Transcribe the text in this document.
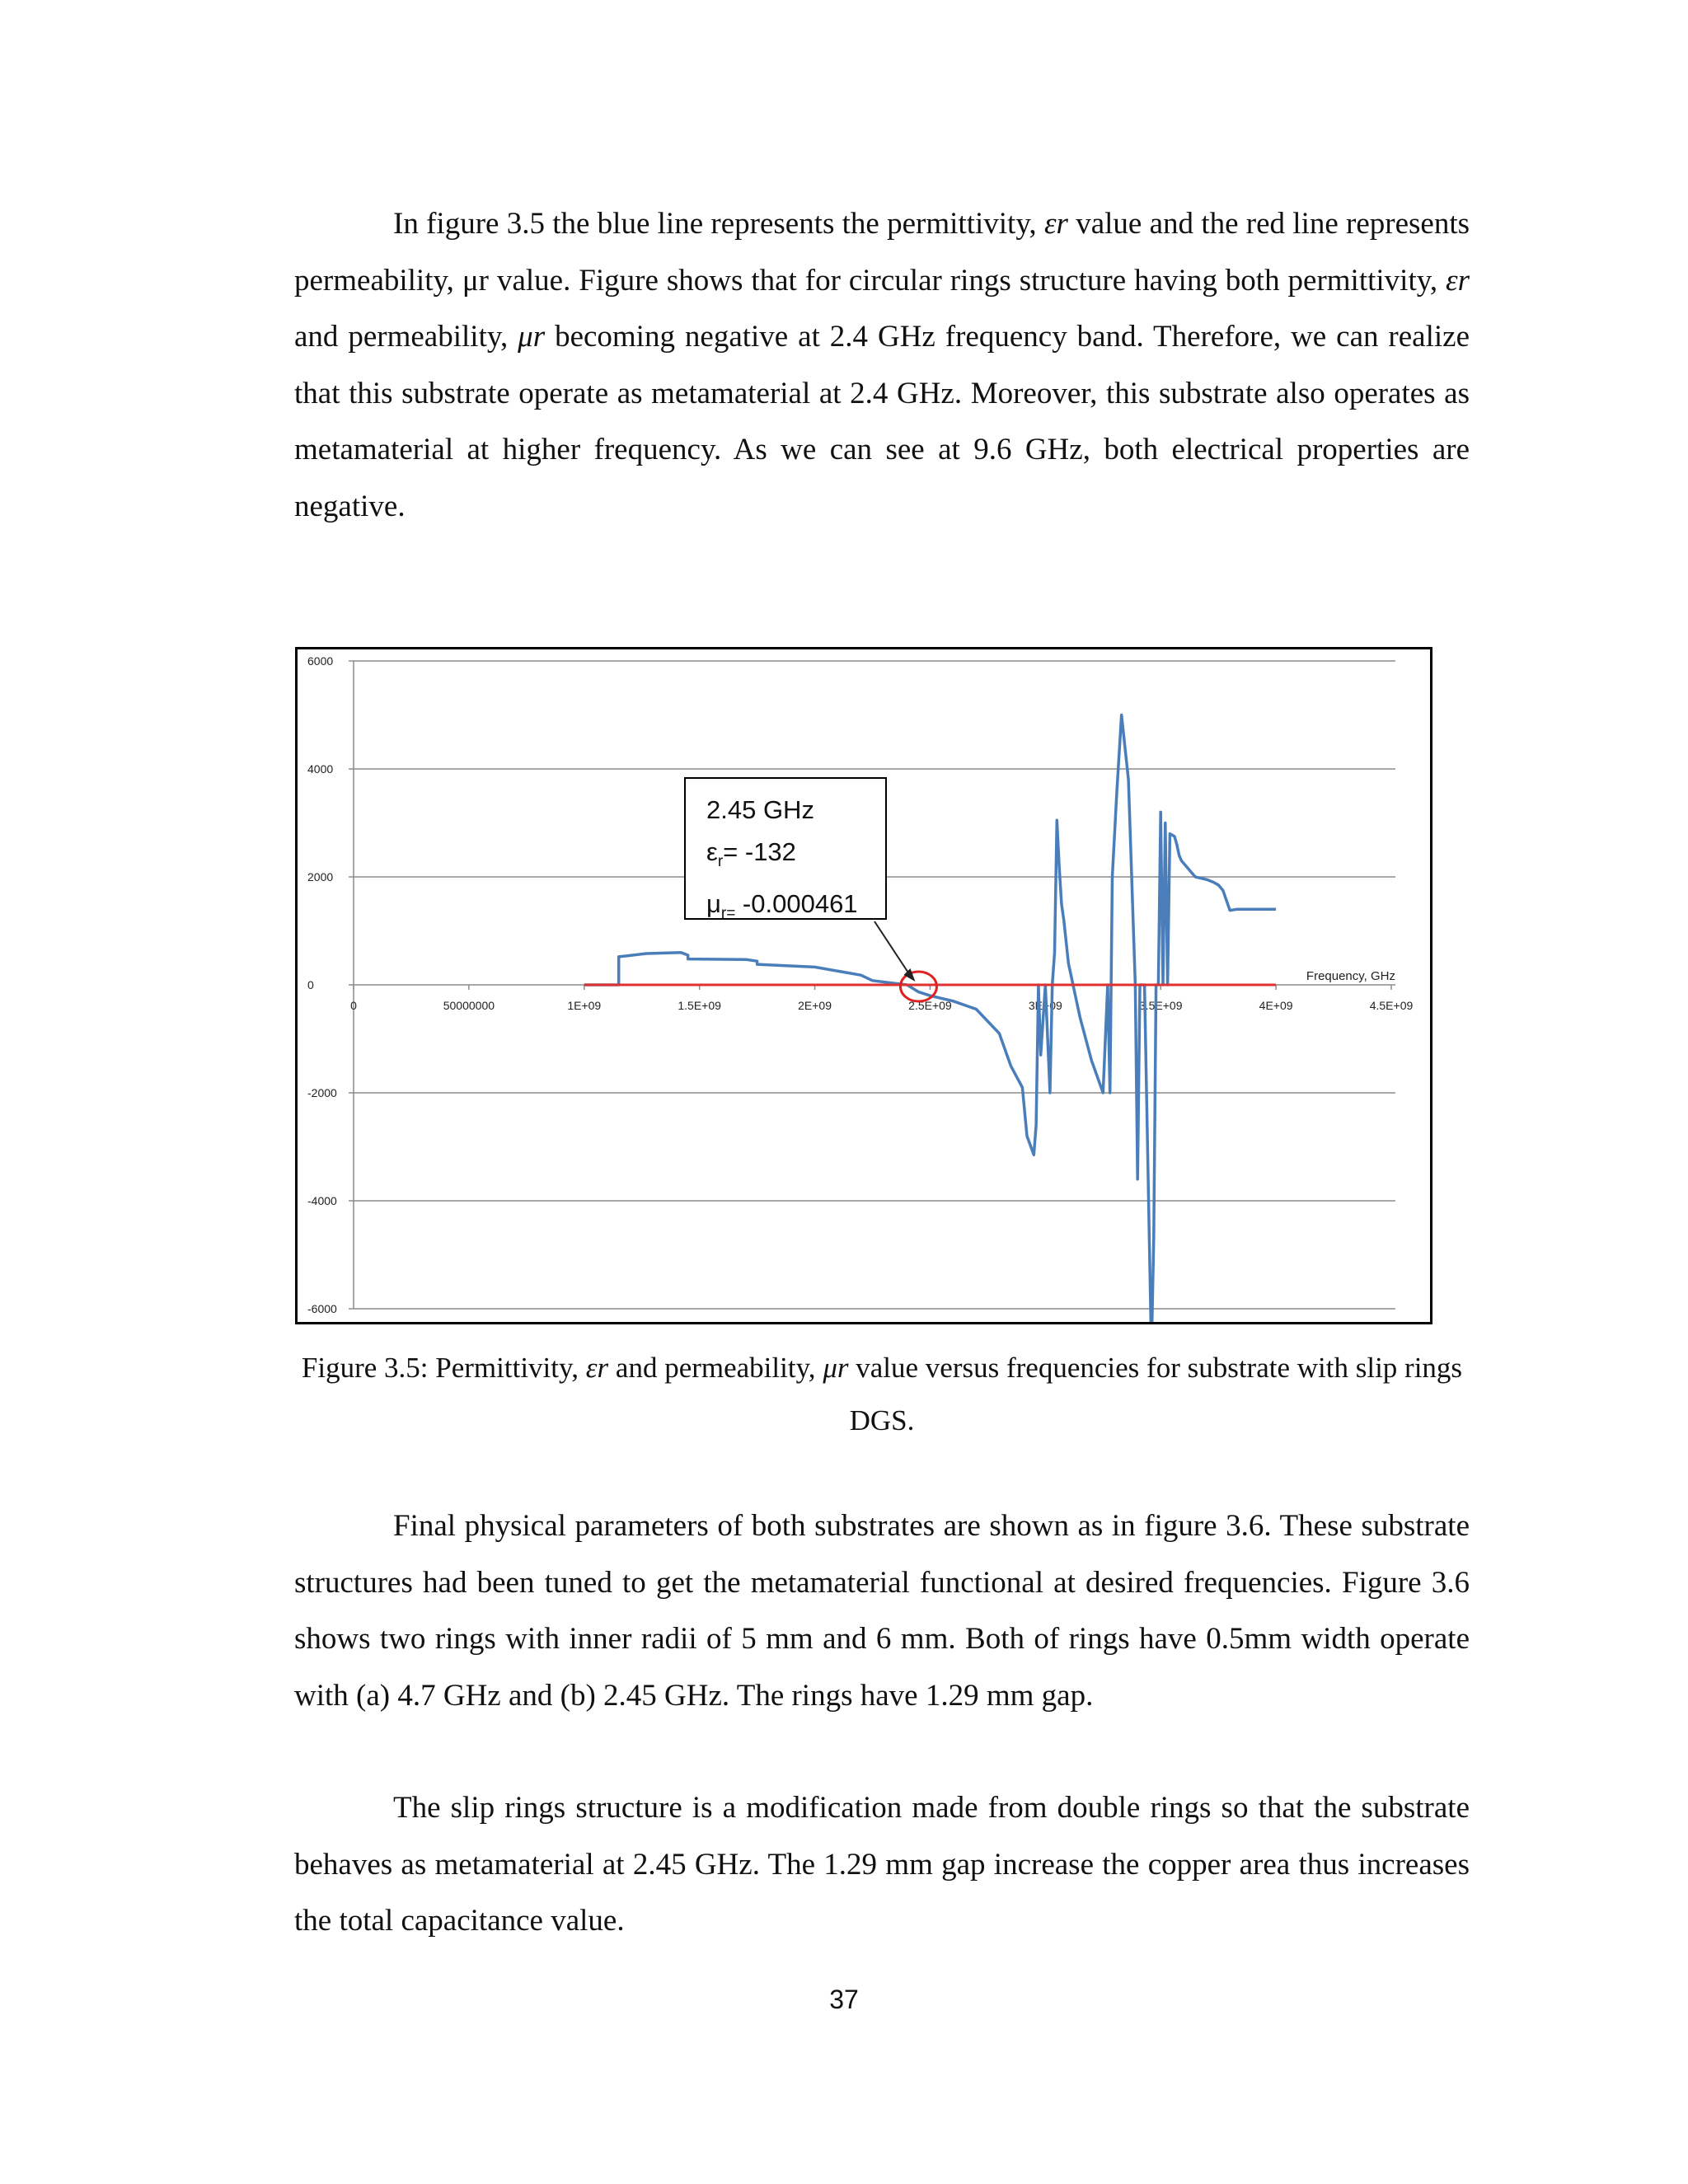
In figure 3.5 the blue line represents the permittivity, εr value and the red line represents permeability, μr value. Figure shows that for circular rings structure having both permittivity, εr and permeability, μr becoming negative at 2.4 GHz frequency band. Therefore, we can realize that this substrate operate as metamaterial at 2.4 GHz. Moreover, this substrate also operates as metamaterial at higher frequency. As we can see at 9.6 GHz, both electrical properties are negative.

6000
4000
2000
0
-2000
-4000
-6000
0	50000000	1E+09	1.5E+09	2E+09	2.5E+09	3E+09	3.5E+09	4E+09	4.5E+09
Frequency, GHz
2.45 GHz
$\varepsilon_r= -132$
$\mu_{r=}$ -0.000461

Figure 3.5: Permittivity, εr and permeability, μr value versus frequencies for substrate with slip rings DGS.

Final physical parameters of both substrates are shown as in figure 3.6. These substrate structures had been tuned to get the metamaterial functional at desired frequencies. Figure 3.6 shows two rings with inner radii of 5 mm and 6 mm. Both of rings have 0.5mm width operate with (a) 4.7 GHz and (b) 2.45 GHz. The rings have 1.29 mm gap.

The slip rings structure is a modification made from double rings so that the substrate behaves as metamaterial at 2.45 GHz. The 1.29 mm gap increase the copper area thus increases the total capacitance value.

37
